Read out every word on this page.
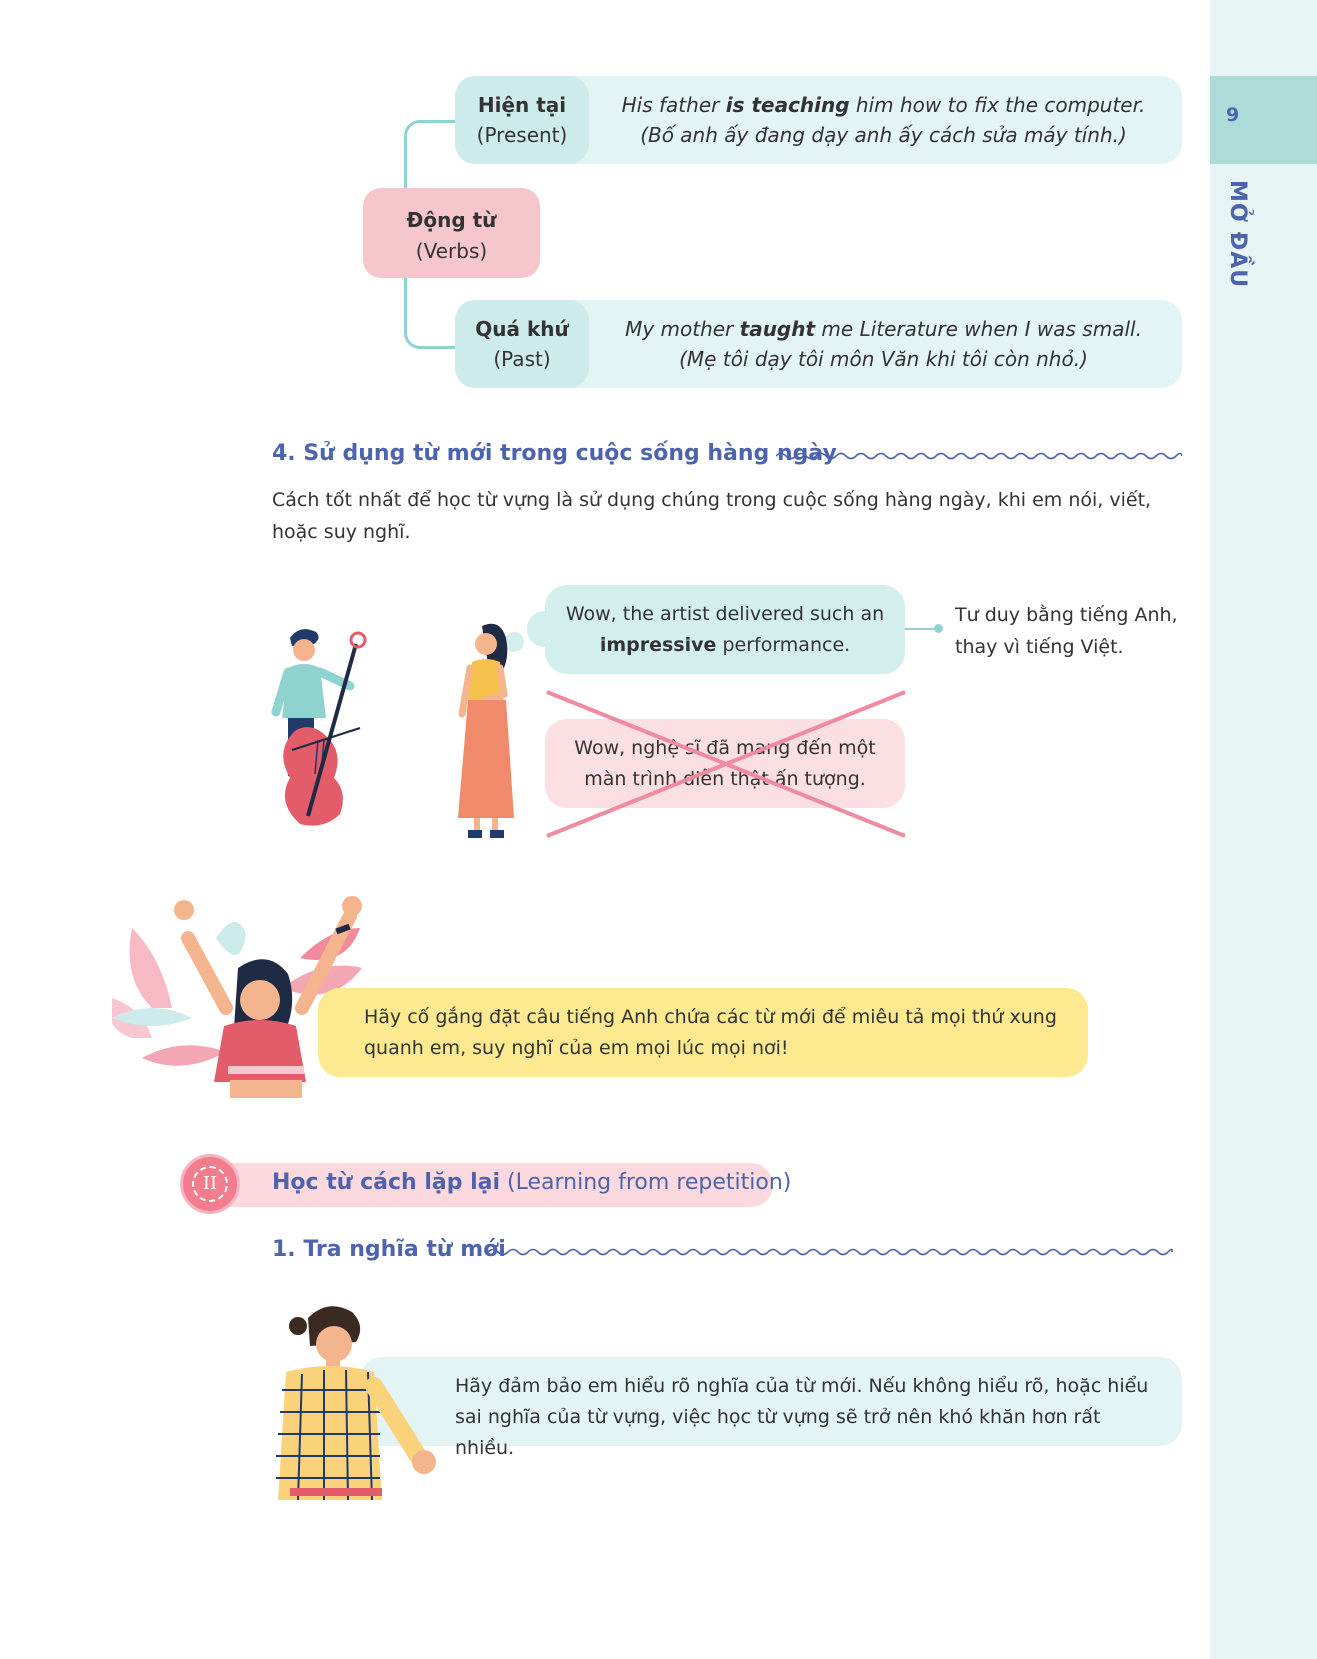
9
MỞ ĐẦU
Động từ
(Verbs)
Hiện tại
(Present)
His father is teaching him how to fix the computer.
(Bố anh ấy đang dạy anh ấy cách sửa máy tính.)
Quá khứ
(Past)
My mother taught me Literature when I was small.
(Mẹ tôi dạy tôi môn Văn khi tôi còn nhỏ.)
4. Sử dụng từ mới trong cuộc sống hàng ngày
Cách tốt nhất để học từ vựng là sử dụng chúng trong cuộc sống hàng ngày, khi em nói, viết, hoặc suy nghĩ.
Wow, the artist delivered such an
impressive performance.
Wow, nghệ sĩ đã mang đến một
màn trình diễn thật ấn tượng.
Tư duy bằng tiếng Anh,
thay vì tiếng Việt.
Hãy cố gắng đặt câu tiếng Anh chứa các từ mới để miêu tả mọi thứ xung quanh em, suy nghĩ của em mọi lúc mọi nơi!
II	Học từ cách lặp lại (Learning from repetition)
1. Tra nghĩa từ mới
Hãy đảm bảo em hiểu rõ nghĩa của từ mới. Nếu không hiểu rõ, hoặc hiểu sai nghĩa của từ vựng, việc học từ vựng sẽ trở nên khó khăn hơn rất nhiều.
